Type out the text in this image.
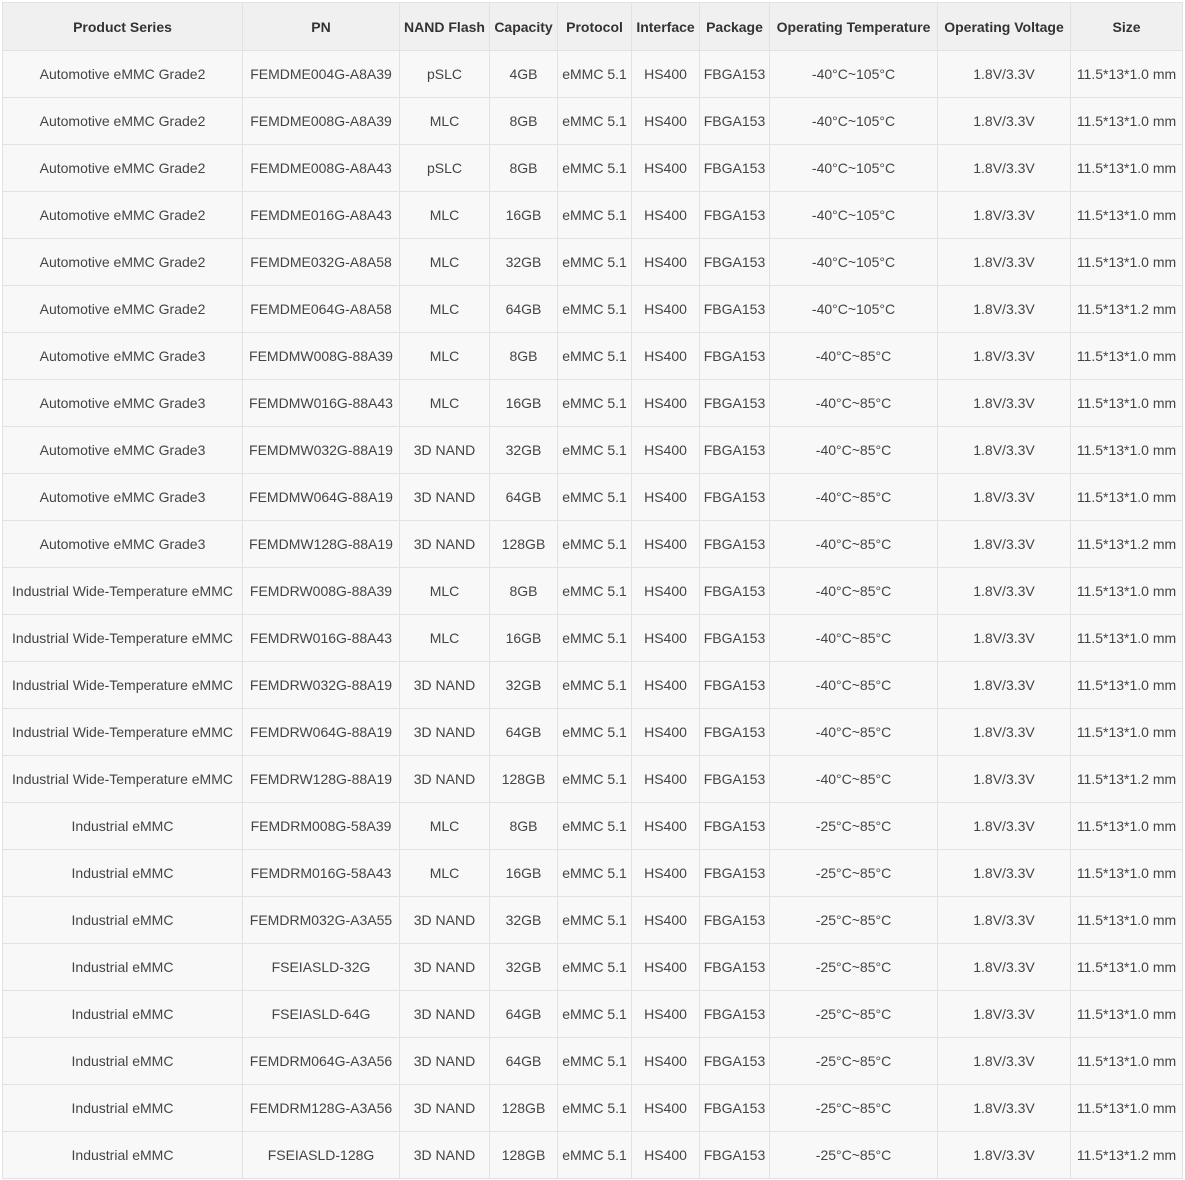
Product Series	PN	NAND Flash	Capacity	Protocol	Interface	Package	Operating Temperature	Operating Voltage	Size
Automotive eMMC Grade2	FEMDME004G-A8A39	pSLC	4GB	eMMC 5.1	HS400	FBGA153	-40°C~105°C	1.8V/3.3V	11.5*13*1.0 mm
Automotive eMMC Grade2	FEMDME008G-A8A39	MLC	8GB	eMMC 5.1	HS400	FBGA153	-40°C~105°C	1.8V/3.3V	11.5*13*1.0 mm
Automotive eMMC Grade2	FEMDME008G-A8A43	pSLC	8GB	eMMC 5.1	HS400	FBGA153	-40°C~105°C	1.8V/3.3V	11.5*13*1.0 mm
Automotive eMMC Grade2	FEMDME016G-A8A43	MLC	16GB	eMMC 5.1	HS400	FBGA153	-40°C~105°C	1.8V/3.3V	11.5*13*1.0 mm
Automotive eMMC Grade2	FEMDME032G-A8A58	MLC	32GB	eMMC 5.1	HS400	FBGA153	-40°C~105°C	1.8V/3.3V	11.5*13*1.0 mm
Automotive eMMC Grade2	FEMDME064G-A8A58	MLC	64GB	eMMC 5.1	HS400	FBGA153	-40°C~105°C	1.8V/3.3V	11.5*13*1.2 mm
Automotive eMMC Grade3	FEMDMW008G-88A39	MLC	8GB	eMMC 5.1	HS400	FBGA153	-40°C~85°C	1.8V/3.3V	11.5*13*1.0 mm
Automotive eMMC Grade3	FEMDMW016G-88A43	MLC	16GB	eMMC 5.1	HS400	FBGA153	-40°C~85°C	1.8V/3.3V	11.5*13*1.0 mm
Automotive eMMC Grade3	FEMDMW032G-88A19	3D NAND	32GB	eMMC 5.1	HS400	FBGA153	-40°C~85°C	1.8V/3.3V	11.5*13*1.0 mm
Automotive eMMC Grade3	FEMDMW064G-88A19	3D NAND	64GB	eMMC 5.1	HS400	FBGA153	-40°C~85°C	1.8V/3.3V	11.5*13*1.0 mm
Automotive eMMC Grade3	FEMDMW128G-88A19	3D NAND	128GB	eMMC 5.1	HS400	FBGA153	-40°C~85°C	1.8V/3.3V	11.5*13*1.2 mm
Industrial Wide-Temperature eMMC	FEMDRW008G-88A39	MLC	8GB	eMMC 5.1	HS400	FBGA153	-40°C~85°C	1.8V/3.3V	11.5*13*1.0 mm
Industrial Wide-Temperature eMMC	FEMDRW016G-88A43	MLC	16GB	eMMC 5.1	HS400	FBGA153	-40°C~85°C	1.8V/3.3V	11.5*13*1.0 mm
Industrial Wide-Temperature eMMC	FEMDRW032G-88A19	3D NAND	32GB	eMMC 5.1	HS400	FBGA153	-40°C~85°C	1.8V/3.3V	11.5*13*1.0 mm
Industrial Wide-Temperature eMMC	FEMDRW064G-88A19	3D NAND	64GB	eMMC 5.1	HS400	FBGA153	-40°C~85°C	1.8V/3.3V	11.5*13*1.0 mm
Industrial Wide-Temperature eMMC	FEMDRW128G-88A19	3D NAND	128GB	eMMC 5.1	HS400	FBGA153	-40°C~85°C	1.8V/3.3V	11.5*13*1.2 mm
Industrial eMMC	FEMDRM008G-58A39	MLC	8GB	eMMC 5.1	HS400	FBGA153	-25°C~85°C	1.8V/3.3V	11.5*13*1.0 mm
Industrial eMMC	FEMDRM016G-58A43	MLC	16GB	eMMC 5.1	HS400	FBGA153	-25°C~85°C	1.8V/3.3V	11.5*13*1.0 mm
Industrial eMMC	FEMDRM032G-A3A55	3D NAND	32GB	eMMC 5.1	HS400	FBGA153	-25°C~85°C	1.8V/3.3V	11.5*13*1.0 mm
Industrial eMMC	FSEIASLD-32G	3D NAND	32GB	eMMC 5.1	HS400	FBGA153	-25°C~85°C	1.8V/3.3V	11.5*13*1.0 mm
Industrial eMMC	FSEIASLD-64G	3D NAND	64GB	eMMC 5.1	HS400	FBGA153	-25°C~85°C	1.8V/3.3V	11.5*13*1.0 mm
Industrial eMMC	FEMDRM064G-A3A56	3D NAND	64GB	eMMC 5.1	HS400	FBGA153	-25°C~85°C	1.8V/3.3V	11.5*13*1.0 mm
Industrial eMMC	FEMDRM128G-A3A56	3D NAND	128GB	eMMC 5.1	HS400	FBGA153	-25°C~85°C	1.8V/3.3V	11.5*13*1.0 mm
Industrial eMMC	FSEIASLD-128G	3D NAND	128GB	eMMC 5.1	HS400	FBGA153	-25°C~85°C	1.8V/3.3V	11.5*13*1.2 mm
